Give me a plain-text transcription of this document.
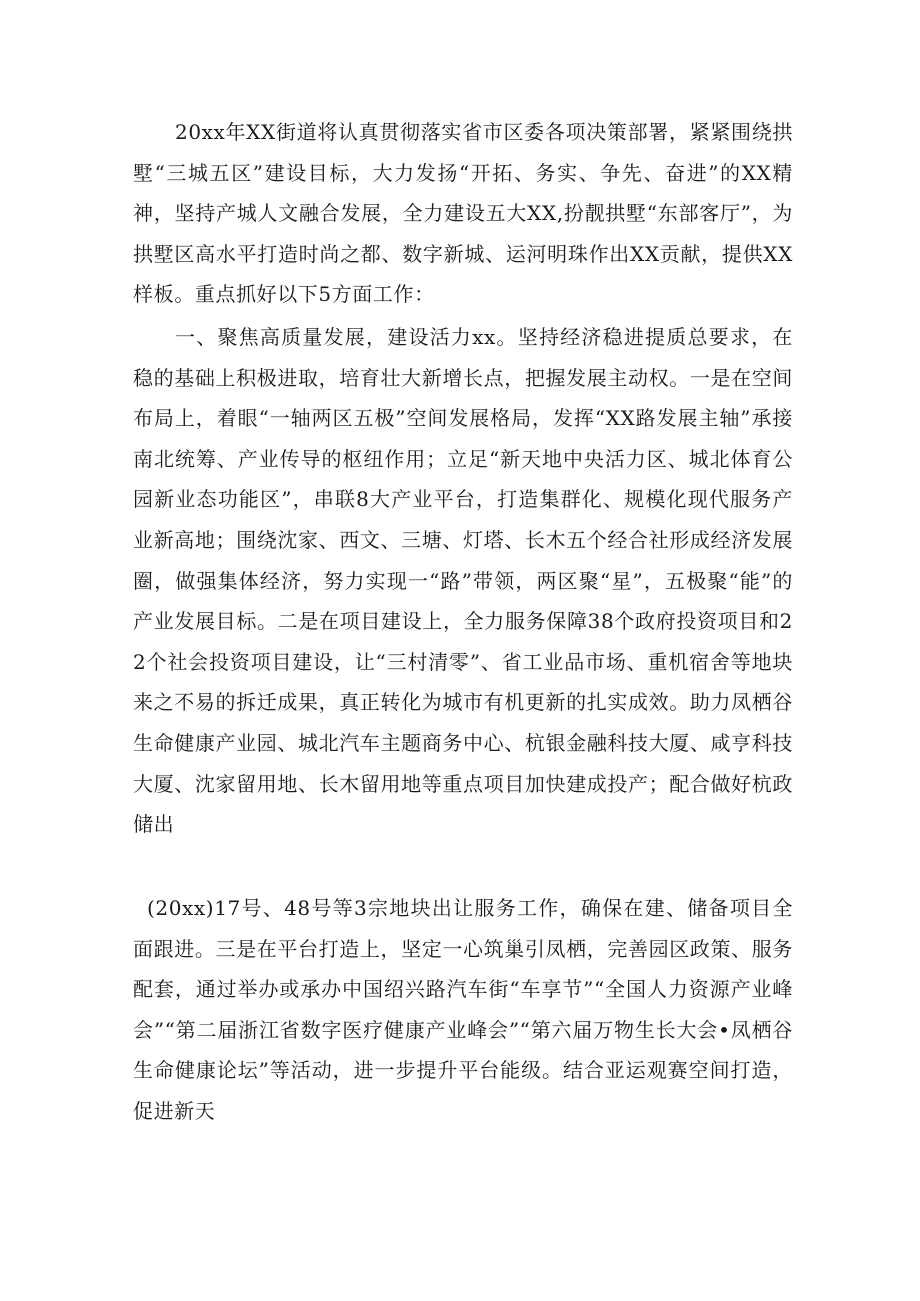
20xx年XX街道将认真贯彻落实省市区委各项决策部署，紧紧围绕拱墅“三城五区”建设目标，大力发扬“开拓、务实、争先、奋进”的XX精神，坚持产城人文融合发展，全力建设五大XX,扮靓拱墅“东部客厅”，为拱墅区高水平打造时尚之都、数字新城、运河明珠作出XX贡献，提供XX样板。重点抓好以下5方面工作：

一、聚焦高质量发展，建设活力xx。坚持经济稳进提质总要求，在稳的基础上积极进取，培育壮大新增长点，把握发展主动权。一是在空间布局上，着眼“一轴两区五极”空间发展格局，发挥“XX路发展主轴”承接南北统筹、产业传导的枢纽作用；立足“新天地中央活力区、城北体育公园新业态功能区”，串联8大产业平台，打造集群化、规模化现代服务产业新高地；围绕沈家、西文、三塘、灯塔、长木五个经合社形成经济发展圈，做强集体经济，努力实现一“路”带领，两区聚“星”，五极聚“能”的产业发展目标。二是在项目建设上，全力服务保障38个政府投资项目和22个社会投资项目建设，让“三村清零”、省工业品市场、重机宿舍等地块来之不易的拆迁成果，真正转化为城市有机更新的扎实成效。助力凤栖谷生命健康产业园、城北汽车主题商务中心、杭银金融科技大厦、咸亨科技大厦、沈家留用地、长木留用地等重点项目加快建成投产；配合做好杭政储出

(20xx)17号、48号等3宗地块出让服务工作，确保在建、储备项目全面跟进。三是在平台打造上，坚定一心筑巢引凤栖，完善园区政策、服务配套，通过举办或承办中国绍兴路汽车街“车享节”“全国人力资源产业峰会”“第二届浙江省数字医疗健康产业峰会”“第六届万物生长大会•凤栖谷生命健康论坛”等活动，进一步提升平台能级。结合亚运观赛空间打造，促进新天
